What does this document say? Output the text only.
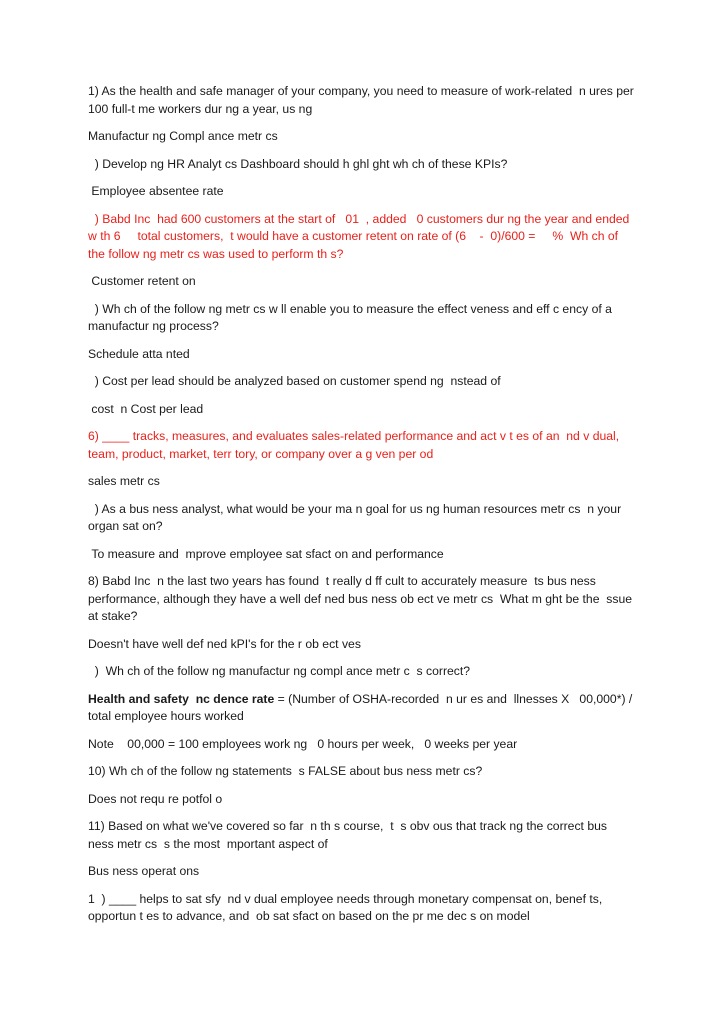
1) As the health and safe manager of your company, you need to measure of work-related  n ures per 100 full-t me workers dur ng a year, us ng

Manufactur ng Compl ance metr cs

) Develop ng HR Analyt cs Dashboard should h ghl ght wh ch of these KPIs?

Employee absentee rate

) Babd Inc  had 600 customers at the start of   01  , added   0 customers dur ng the year and ended w th 6     total customers,  t would have a customer retent on rate of (6    -  0)/600 =     %  Wh ch of the follow ng metr cs was used to perform th s?

Customer retent on

) Wh ch of the follow ng metr cs w ll enable you to measure the effect veness and eff c ency of a manufactur ng process?

Schedule atta nted

) Cost per lead should be analyzed based on customer spend ng  nstead of

cost  n Cost per lead

6) ____ tracks, measures, and evaluates sales-related performance and act v t es of an  nd v dual, team, product, market, terr tory, or company over a g ven per od

sales metr cs

) As a bus ness analyst, what would be your ma n goal for us ng human resources metr cs  n your organ sat on?

To measure and  mprove employee sat sfact on and performance

8) Babd Inc  n the last two years has found  t really d ff cult to accurately measure  ts bus ness performance, although they have a well def ned bus ness ob ect ve metr cs  What m ght be the  ssue at stake?

Doesn't have well def ned kPI's for the r ob ect ves

)  Wh ch of the follow ng manufactur ng compl ance metr c  s correct?

Health and safety  nc dence rate = (Number of OSHA-recorded  n ur es and  llnesses X   00,000*) / total employee hours worked

Note    00,000 = 100 employees work ng   0 hours per week,   0 weeks per year

10) Wh ch of the follow ng statements  s FALSE about bus ness metr cs?

Does not requ re potfol o

11) Based on what we've covered so far  n th s course,  t  s obv ous that track ng the correct bus ness metr cs  s the most  mportant aspect of

Bus ness operat ons

1  ) ____ helps to sat sfy  nd v dual employee needs through monetary compensat on, benef ts, opportun t es to advance, and  ob sat sfact on based on the pr me dec s on model
